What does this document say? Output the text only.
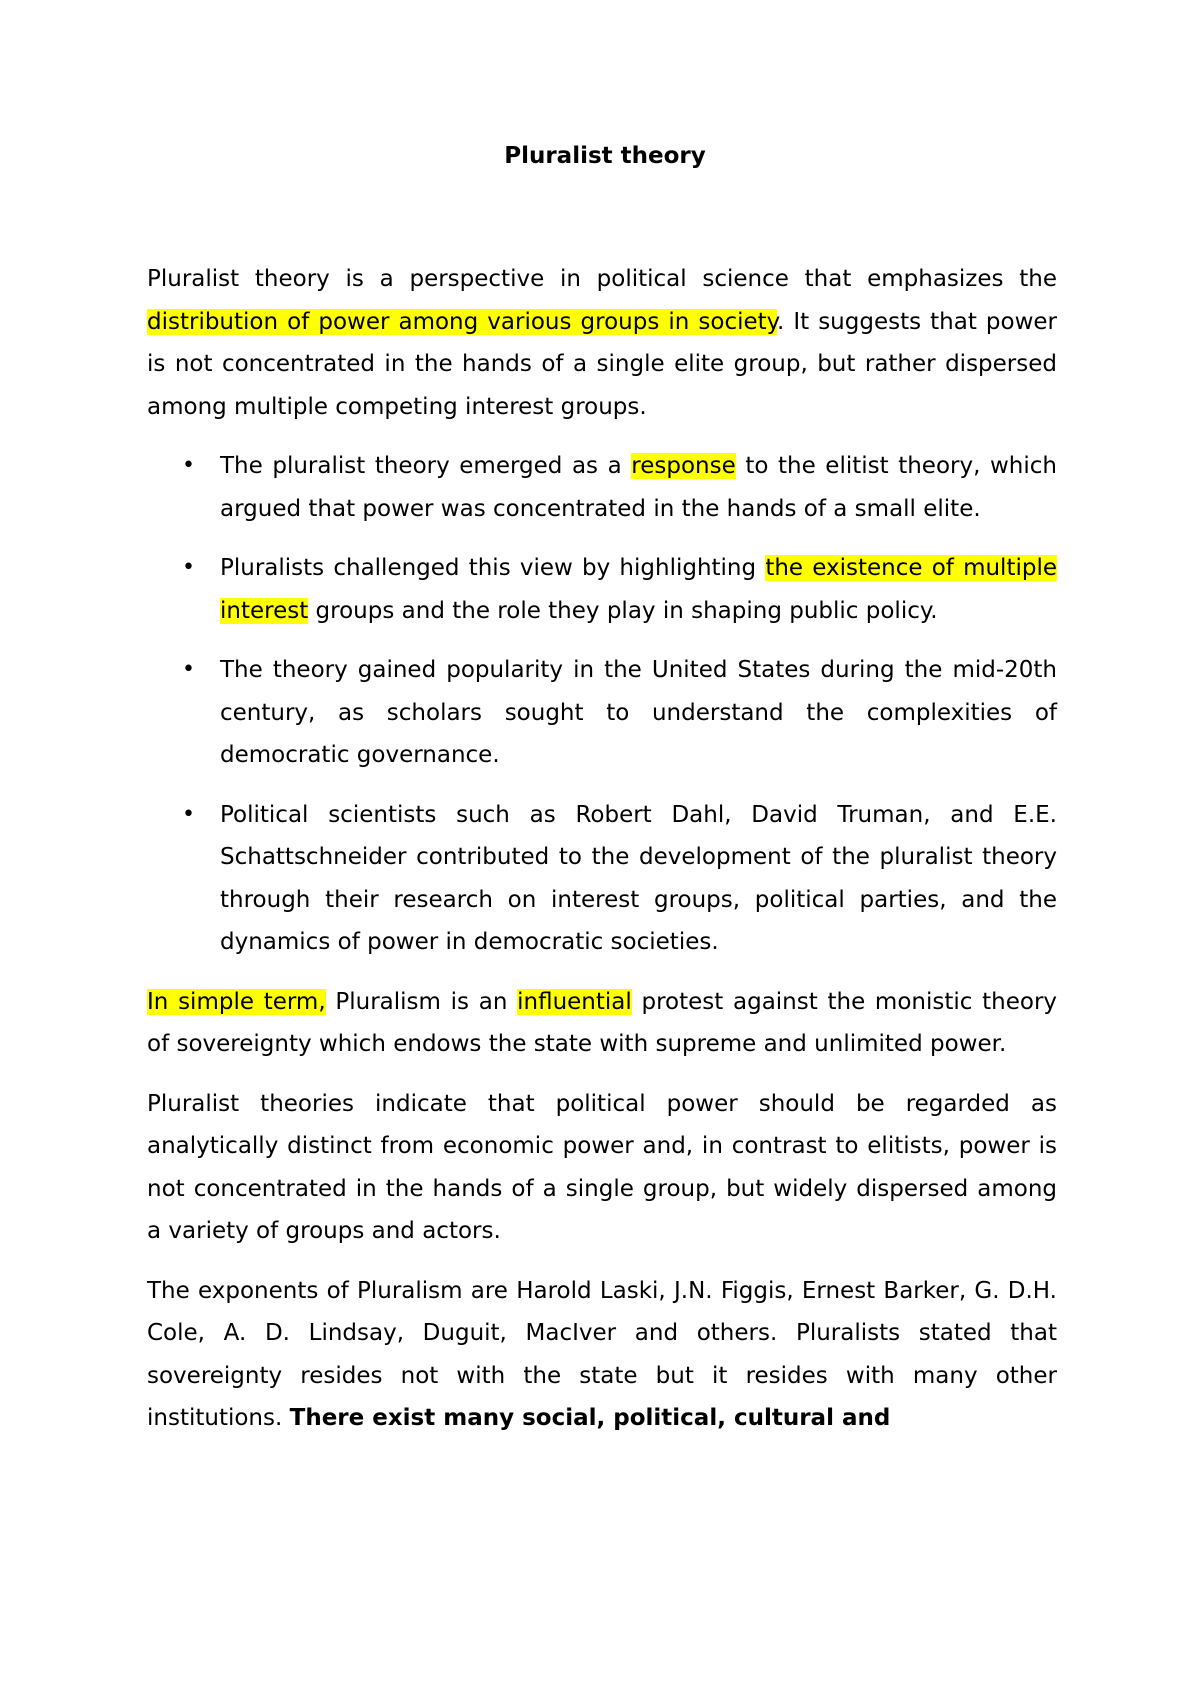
Pluralist theory

Pluralist theory is a perspective in political science that emphasizes the distribution of power among various groups in society. It suggests that power is not concentrated in the hands of a single elite group, but rather dispersed among multiple competing interest groups.

• The pluralist theory emerged as a response to the elitist theory, which argued that power was concentrated in the hands of a small elite.
• Pluralists challenged this view by highlighting the existence of multiple interest groups and the role they play in shaping public policy.
• The theory gained popularity in the United States during the mid-20th century, as scholars sought to understand the complexities of democratic governance.
• Political scientists such as Robert Dahl, David Truman, and E.E. Schattschneider contributed to the development of the pluralist theory through their research on interest groups, political parties, and the dynamics of power in democratic societies.

In simple term, Pluralism is an influential protest against the monistic theory of sovereignty which endows the state with supreme and unlimited power.

Pluralist theories indicate that political power should be regarded as analytically distinct from economic power and, in contrast to elitists, power is not concentrated in the hands of a single group, but widely dispersed among a variety of groups and actors.

The exponents of Pluralism are Harold Laski, J.N. Figgis, Ernest Barker, G. D.H. Cole, A. D. Lindsay, Duguit, MacIver and others. Pluralists stated that sovereignty resides not with the state but it resides with many other institutions. There exist many social, political, cultural and
